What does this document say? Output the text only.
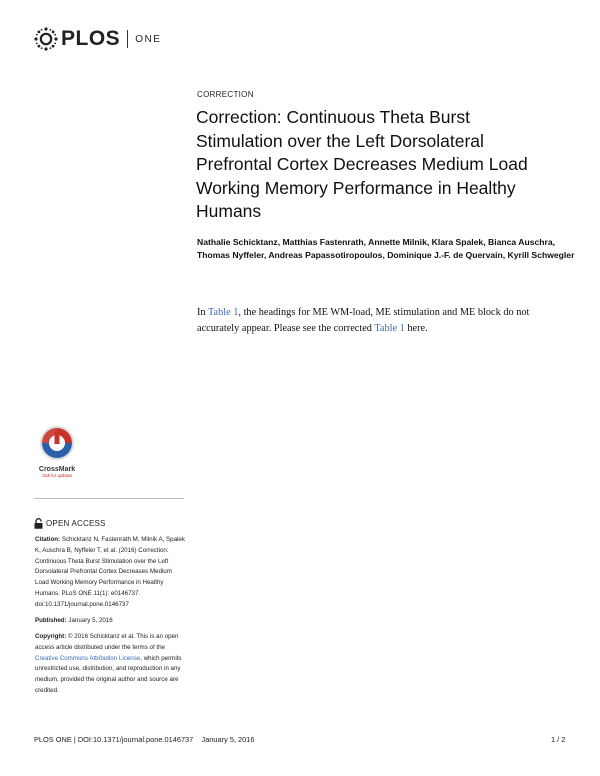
PLOS ONE
CORRECTION
Correction: Continuous Theta Burst Stimulation over the Left Dorsolateral Prefrontal Cortex Decreases Medium Load Working Memory Performance in Healthy Humans

Nathalie Schicktanz, Matthias Fastenrath, Annette Milnik, Klara Spalek, Bianca Auschra, Thomas Nyffeler, Andreas Papassotiropoulos, Dominique J.-F. de Quervain, Kyrill Schwegler

In Table 1, the headings for ME WM-load, ME stimulation and ME block do not accurately appear. Please see the corrected Table 1 here.

CrossMark
click for updates
OPEN ACCESS

Citation: Schicktanz N, Fastenrath M, Milnik A, Spalek K, Auschra B, Nyffeler T, et al. (2016) Correction: Continuous Theta Burst Stimulation over the Left Dorsolateral Prefrontal Cortex Decreases Medium Load Working Memory Performance in Healthy Humans. PLoS ONE 11(1): e0146737. doi:10.1371/journal.pone.0146737

Published: January 5, 2016

Copyright: © 2016 Schicktanz et al. This is an open access article distributed under the terms of the Creative Commons Attribution License, which permits unrestricted use, distribution, and reproduction in any medium, provided the original author and source are credited.

PLOS ONE | DOI:10.1371/journal.pone.0146737    January 5, 2016	1 / 2
